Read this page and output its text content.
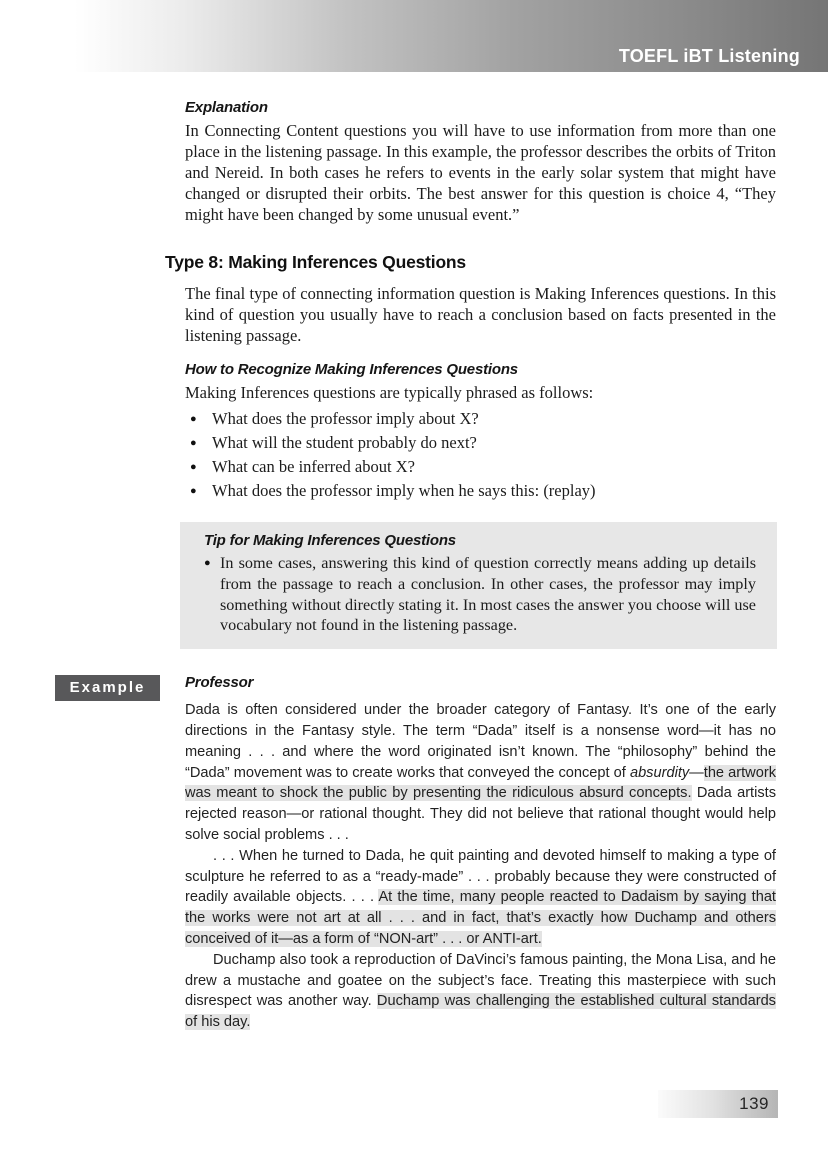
TOEFL iBT Listening
Explanation

In Connecting Content questions you will have to use information from more than one place in the listening passage. In this example, the professor describes the orbits of Triton and Nereid. In both cases he refers to events in the early solar system that might have changed or disrupted their orbits. The best answer for this question is choice 4, “They might have been changed by some unusual event.”

Type 8: Making Inferences Questions

The final type of connecting information question is Making Inferences questions. In this kind of question you usually have to reach a conclusion based on facts presented in the listening passage.

How to Recognize Making Inferences Questions

Making Inferences questions are typically phrased as follows:

● What does the professor imply about X?
● What will the student probably do next?
● What can be inferred about X?
● What does the professor imply when he says this: (replay)
Tip for Making Inferences Questions
● In some cases, answering this kind of question correctly means adding up details from the passage to reach a conclusion. In other cases, the professor may imply something without directly stating it. In most cases the answer you choose will use vocabulary not found in the listening passage.
Example	Professor

Dada is often considered under the broader category of Fantasy. It’s one of the early directions in the Fantasy style. The term “Dada” itself is a nonsense word—it has no meaning . . . and where the word originated isn’t known. The “philosophy” behind the “Dada” movement was to create works that conveyed the concept of absurdity—the artwork was meant to shock the public by presenting the ridiculous absurd concepts. Dada artists rejected reason—or rational thought. They did not believe that rational thought would help solve social problems . . .

. . . When he turned to Dada, he quit painting and devoted himself to making a type of sculpture he referred to as a “ready-made” . . . probably because they were constructed of readily available objects. . . . At the time, many people reacted to Dadaism by saying that the works were not art at all . . . and in fact, that’s exactly how Duchamp and others conceived of it—as a form of “NON-art” . . . or ANTI-art.

Duchamp also took a reproduction of DaVinci’s famous painting, the Mona Lisa, and he drew a mustache and goatee on the subject’s face. Treating this masterpiece with such disrespect was another way. Duchamp was challenging the established cultural standards of his day.

139
